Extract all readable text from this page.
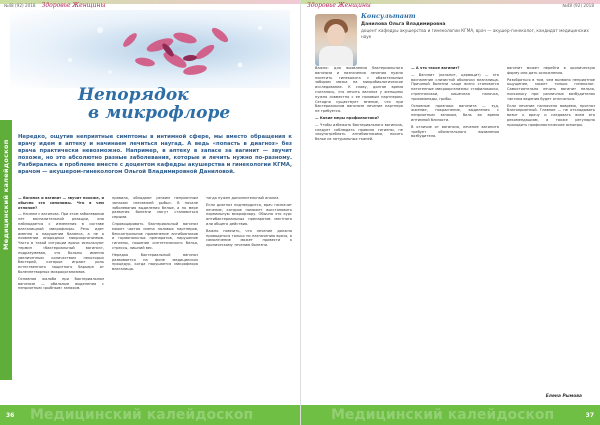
№48 (92) 2018 Здоровье Женщины
Медицинский калейдоскоп
Непорядок
в микрофлоре

Нередко, ощутив неприятные симптомы в интимной сфере, мы вместо обращения к врачу идем в аптеку и начинаем лечиться наугад. А ведь «попасть в диагноз» без врача практически невозможно. Например, в аптеку в запасе за вагинит — звучит похоже, но это абсолютно разные заболевания, которые и лечить нужно по-разному. Разбирались в проблеме вместе с доцентом кафедры акушерства и гинекологии КГМА, врачом — акушером-гинекологом Ольгой Владимировной Даниловой.

— Вагиноз и вагинит — звучит похоже, и обычно это синонимы. Что в чем отличие?

— Начнем с вагиноза. При этом заболевании нет воспалительной реакции, оно наблюдается с изменения в составе влагалищной микрофлоры. Речь идет именно о нарушении баланса, а не о появлении инородных микроорганизмов. Часто в такой ситуации врачи используют термин «бактериальный вагиноз», подразумевая, что больны именно увеличенным количеством некоторых бактерий, которые играют роль естественного защитного барьера от болезнетворных микроорганизмов.

Основная жалоба при бактериальном вагинозе — обильные выделения с неприятным «рыбным» запахом.

правило, обладают резким неприятным запахом «несвежей рыбы». В начале заболевания выделения белые, а по мере развития болезни могут становиться серыми.

Спровоцировать бактериальный вагиноз может частая смена половых партнеров, бесконтрольное применение антибиотиков и гормональных препаратов, нарушение гигиены, ношение синтетического белья, стрессы, лишний вес.

Нередко бактериальный вагиноз развивается на фоне медицинских процедур, когда нарушается микрофлора влагалища.

тогда нужен дополнительный анализ.

Если диагноз подтвердится, врач назначит лечение, которое поможет восстановить нормальную микрофлору. Обычно это курс антибактериальных препаратов местного или общего действия.

Важно помнить, что лечение должно проводиться только по назначению врача, а самолечение может привести к хроническому течению болезни.

Медицинский калейдоскоп
36
Здоровье Женщины	№48 (92) 2018
Консультант
Данилова Ольга Владимировна
доцент кафедры акушерства и гинекологии КГМА, врач — акушер-гинеколог, кандидат медицинских наук

Важно: для выявления бактериального вагиноза и назначения лечения нужно посетить гинеколога с обязательным забором мазка на микробиологическое исследование. К слову, долгое время считалось, что лечить вагиноз у женщины нужно совместно с ее половым партнером. Сегодня существует мнение, что при бактериальном вагинозе лечение партнера не требуется.

— Какие меры профилактики?

— Чтобы избежать бактериального вагиноза, следует соблюдать правила гигиены, не злоупотреблять антибиотиками, носить белье из натуральных тканей.

— А что такое вагинит?

— Вагинит (кольпит, цервицит) — это воспаление слизистой оболочки влагалища. Причиной болезни чаще всего становятся патогенные микроорганизмы: стафилококки, стрептококки, кишечная палочка, трихомонады, грибы.

Основные признаки вагинита — зуд, жжение, покраснение, выделения с неприятным запахом, боль во время интимной близости.

В отличие от вагиноза, лечение вагинита требует обязательного выявления возбудителя.

вагинит может перейти в хроническую форму или дать осложнения.

Разобраться в том, чем вызвано неприятное ощущение, может только гинеколог. Самостоятельно лечить вагинит нельзя, поскольку при различных возбудителях тактика ведения будет отличаться.

Если лечение назначено вовремя, прогноз благоприятный. Главное — не откладывать визит к врачу и следовать всем его рекомендациям, а также регулярно проходить профилактические осмотры.

Елена Рымова
Медицинский калейдоскоп	37
